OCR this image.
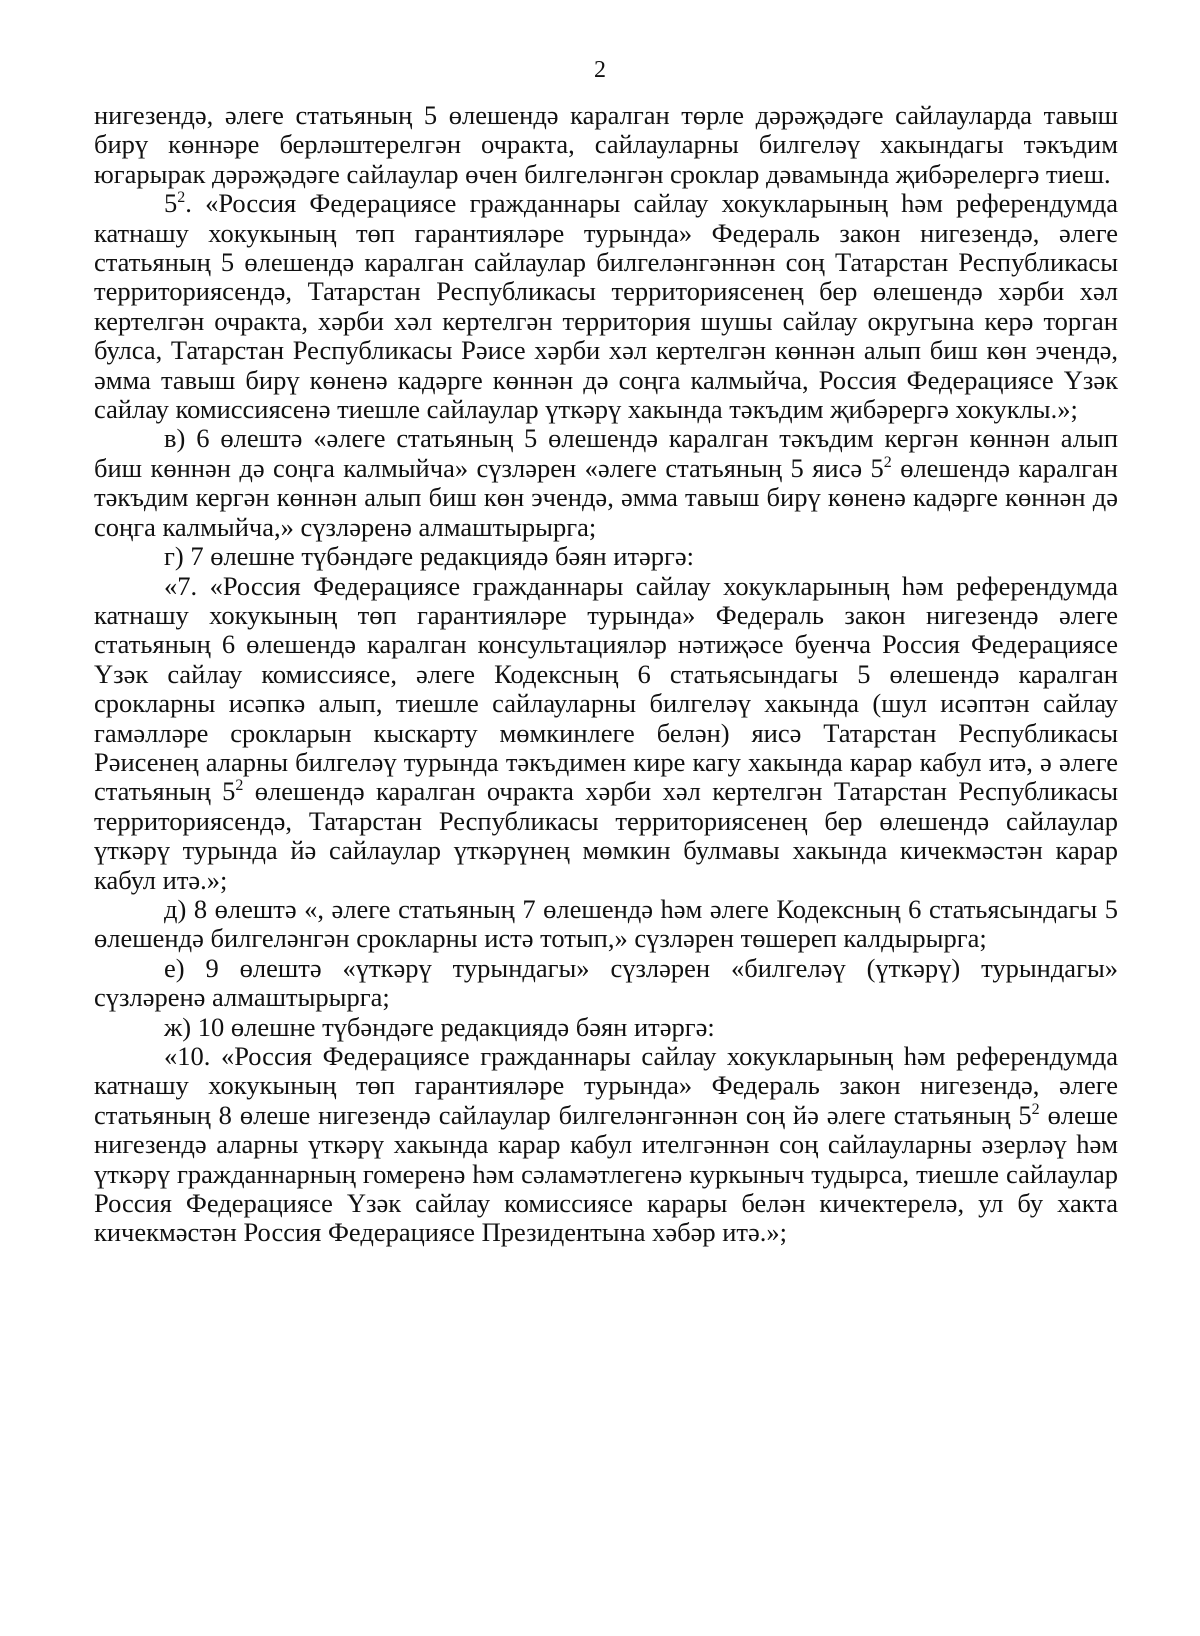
2

нигезендә, әлеге статьяның 5 өлешендә каралган төрле дәрәҗәдәге сайлауларда тавыш бирү көннәре берләштерелгән очракта, сайлауларны билгеләү хакындагы тәкъдим югарырак дәрәҗәдәге сайлаулар өчен билгеләнгән сроклар дәвамында җибәрелергә тиеш.

$5^2$. «Россия Федерациясе гражданнары сайлау хокукларының һәм референдумда катнашу хокукының төп гарантияләре турында» Федераль закон нигезендә, әлеге статьяның 5 өлешендә каралган сайлаулар билгеләнгәннән соң Татарстан Республикасы территориясендә, Татарстан Республикасы территориясенең бер өлешендә хәрби хәл кертелгән очракта, хәрби хәл кертелгән территория шушы сайлау округына керә торган булса, Татарстан Республикасы Рәисе хәрби хәл кертелгән көннән алып биш көн эчендә, әмма тавыш бирү көненә кадәрге көннән дә соңга калмыйча, Россия Федерациясе Үзәк сайлау комиссиясенә тиешле сайлаулар үткәрү хакында тәкъдим җибәрергә хокуклы.»;

в) 6 өлештә «әлеге статьяның 5 өлешендә каралган тәкъдим кергән көннән алып биш көннән дә соңга калмыйча» сүзләрен «әлеге статьяның 5 яисә $5^2$ өлешендә каралган тәкъдим кергән көннән алып биш көн эчендә, әмма тавыш бирү көненә кадәрге көннән дә соңга калмыйча,» сүзләренә алмаштырырга;

г) 7 өлешне түбәндәге редакциядә бәян итәргә:

«7. «Россия Федерациясе гражданнары сайлау хокукларының һәм референдумда катнашу хокукының төп гарантияләре турында» Федераль закон нигезендә әлеге статьяның 6 өлешендә каралган консультацияләр нәтиҗәсе буенча Россия Федерациясе Үзәк сайлау комиссиясе, әлеге Кодексның 6 статьясындагы 5 өлешендә каралган срокларны исәпкә алып, тиешле сайлауларны билгеләү хакында (шул исәптән сайлау гамәлләре срокларын кыскарту мөмкинлеге белән) яисә Татарстан Республикасы Рәисенең аларны билгеләү турында тәкъдимен кире кагу хакында карар кабул итә, ә әлеге статьяның $5^2$ өлешендә каралган очракта хәрби хәл кертелгән Татарстан Республикасы территориясендә, Татарстан Республикасы территориясенең бер өлешендә сайлаулар үткәрү турында йә сайлаулар үткәрүнең мөмкин булмавы хакында кичекмәстән карар кабул итә.»;

д) 8 өлештә «, әлеге статьяның 7 өлешендә һәм әлеге Кодексның 6 статьясындагы 5 өлешендә билгеләнгән срокларны истә тотып,» сүзләрен төшереп калдырырга;

е) 9 өлештә «үткәрү турындагы» сүзләрен «билгеләү (үткәрү) турындагы» сүзләренә алмаштырырга;

ж) 10 өлешне түбәндәге редакциядә бәян итәргә:

«10. «Россия Федерациясе гражданнары сайлау хокукларының һәм референдумда катнашу хокукының төп гарантияләре турында» Федераль закон нигезендә, әлеге статьяның 8 өлеше нигезендә сайлаулар билгеләнгәннән соң йә әлеге статьяның $5^2$ өлеше нигезендә аларны үткәрү хакында карар кабул ителгәннән соң сайлауларны әзерләү һәм үткәрү гражданнарның гомеренә һәм сәламәтлегенә куркыныч тудырса, тиешле сайлаулар Россия Федерациясе Үзәк сайлау комиссиясе карары белән кичектерелә, ул бу хакта кичекмәстән Россия Федерациясе Президентына хәбәр итә.»;
